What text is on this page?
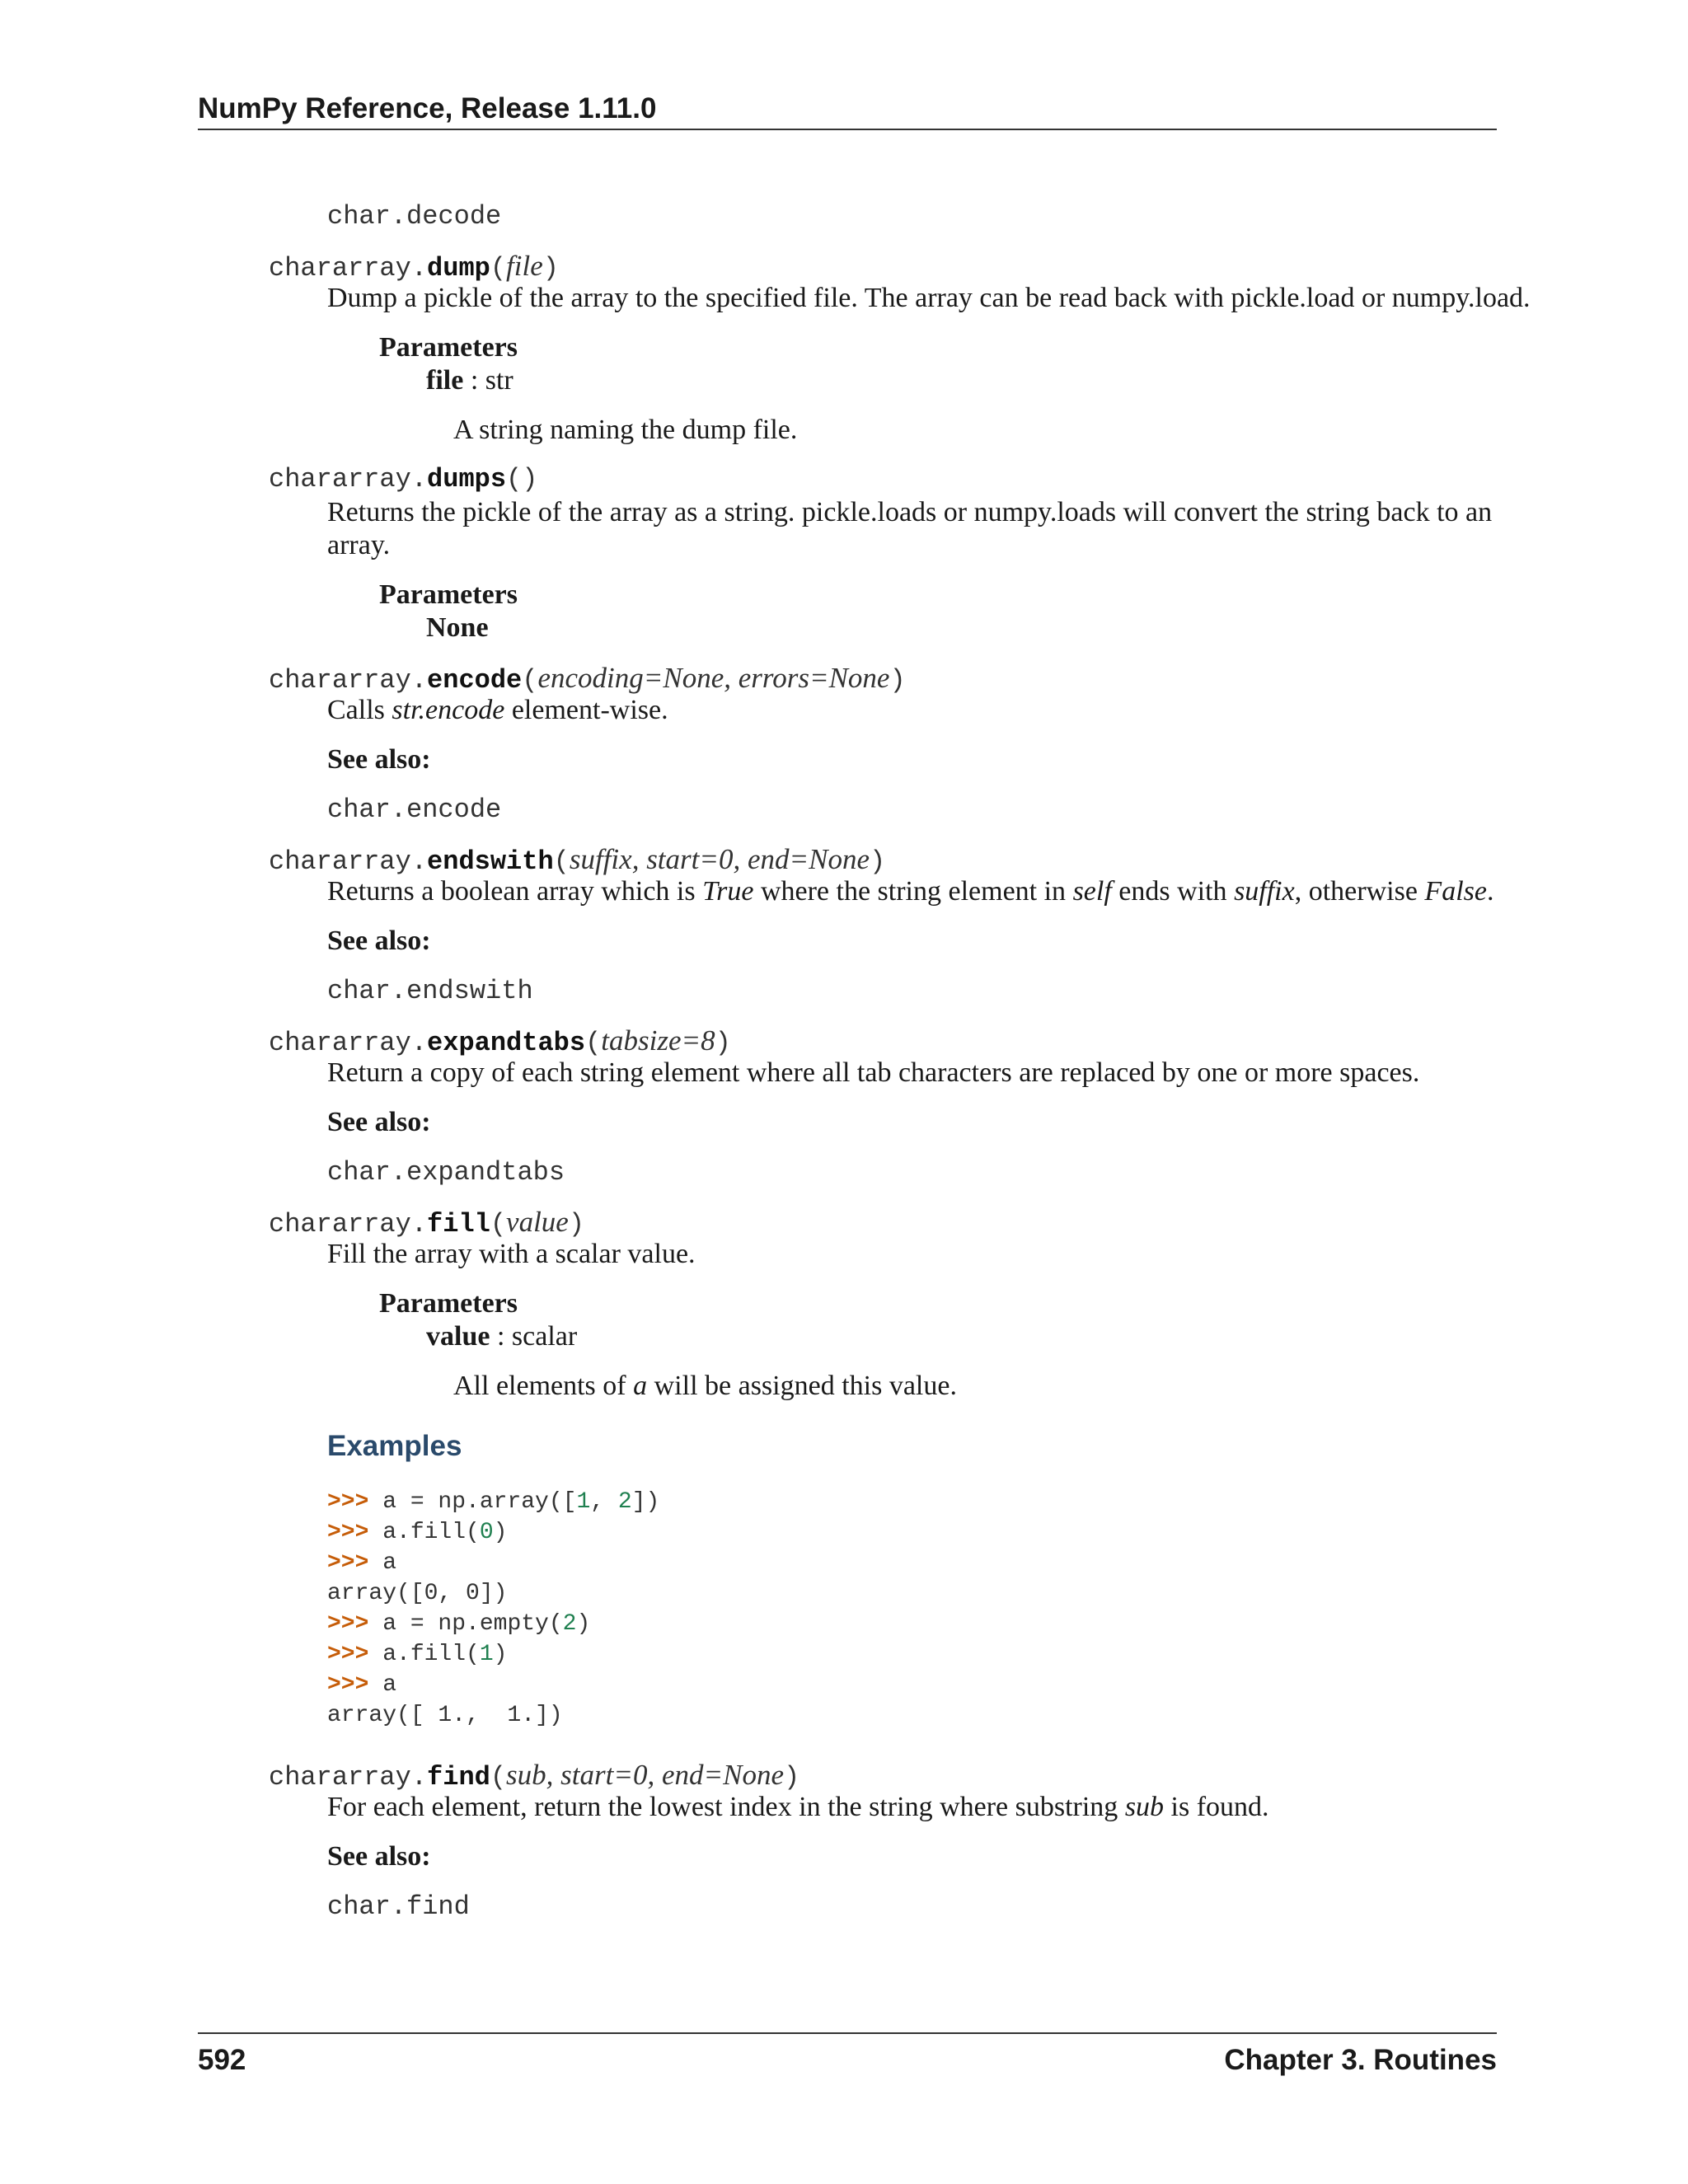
NumPy Reference, Release 1.11.0
char.decode
chararray.dump(file)
Dump a pickle of the array to the specified file. The array can be read back with pickle.load or numpy.load.
Parameters
file : str
A string naming the dump file.
chararray.dumps()
Returns the pickle of the array as a string. pickle.loads or numpy.loads will convert the string back to an
array.
Parameters
None
chararray.encode(encoding=None, errors=None)
Calls str.encode element-wise.
See also:
char.encode
chararray.endswith(suffix, start=0, end=None)
Returns a boolean array which is True where the string element in self ends with suffix, otherwise False.
See also:
char.endswith
chararray.expandtabs(tabsize=8)
Return a copy of each string element where all tab characters are replaced by one or more spaces.
See also:
char.expandtabs
chararray.fill(value)
Fill the array with a scalar value.
Parameters
value : scalar
All elements of a will be assigned this value.
Examples
>>> a = np.array([1, 2])
>>> a.fill(0)
>>> a
array([0, 0])
>>> a = np.empty(2)
>>> a.fill(1)
>>> a
array([ 1.,  1.])
chararray.find(sub, start=0, end=None)
For each element, return the lowest index in the string where substring sub is found.
See also:
char.find
592	Chapter 3. Routines
